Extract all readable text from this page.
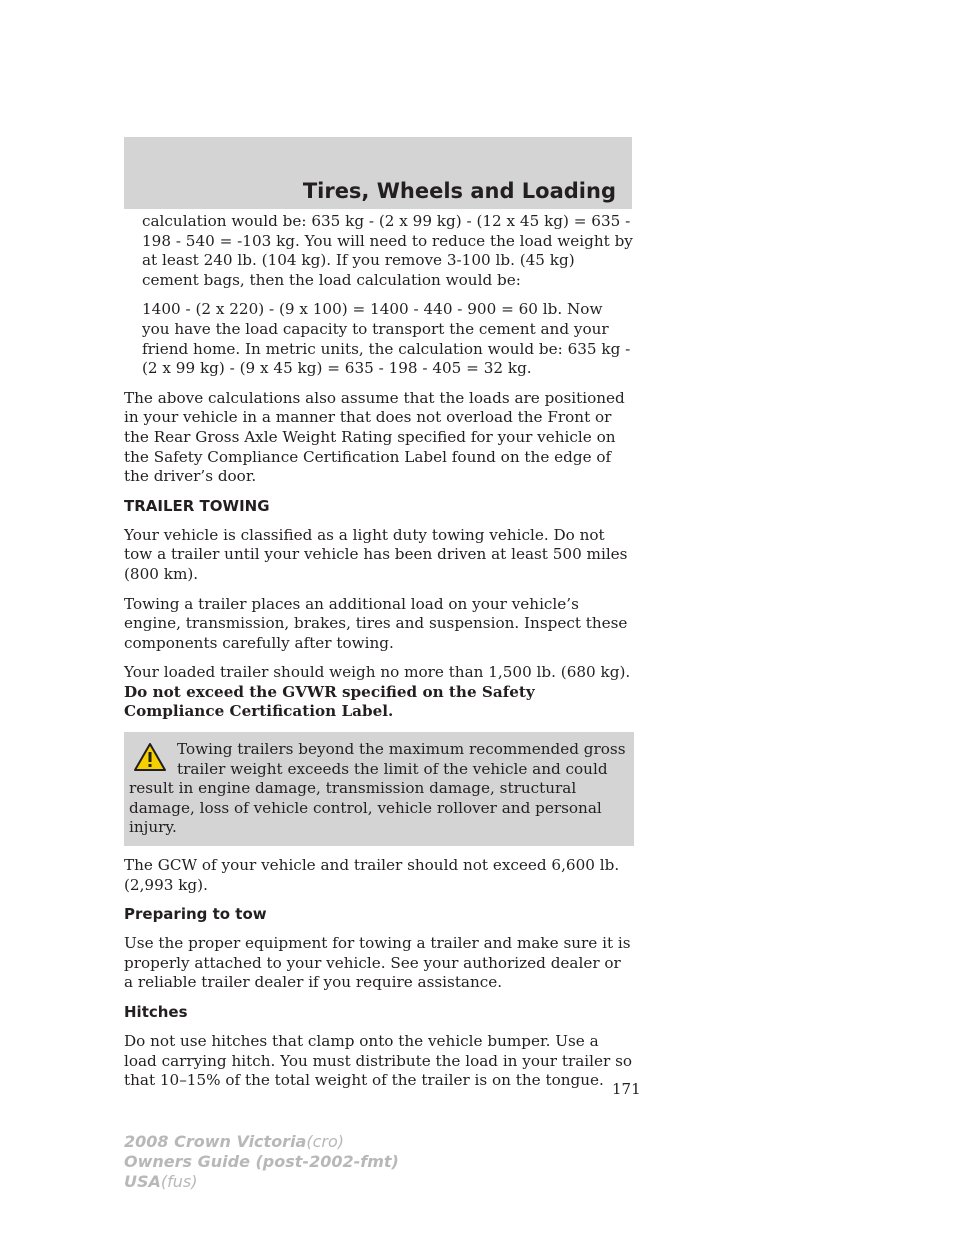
Tires, Wheels and Loading

calculation would be: 635 kg - (2 x 99 kg) - (12 x 45 kg) = 635 - 198 - 540 = -103 kg. You will need to reduce the load weight by at least 240 lb. (104 kg). If you remove 3-100 lb. (45 kg) cement bags, then the load calculation would be:

1400 - (2 x 220) - (9 x 100) = 1400 - 440 - 900 = 60 lb. Now you have the load capacity to transport the cement and your friend home. In metric units, the calculation would be: 635 kg - (2 x 99 kg) - (9 x 45 kg) = 635 - 198 - 405 = 32 kg.

The above calculations also assume that the loads are positioned in your vehicle in a manner that does not overload the Front or the Rear Gross Axle Weight Rating specified for your vehicle on the Safety Compliance Certification Label found on the edge of the driver’s door.

TRAILER TOWING

Your vehicle is classified as a light duty towing vehicle. Do not tow a trailer until your vehicle has been driven at least 500 miles (800 km).

Towing a trailer places an additional load on your vehicle’s engine, transmission, brakes, tires and suspension. Inspect these components carefully after towing.

Your loaded trailer should weigh no more than 1,500 lb. (680 kg). Do not exceed the GVWR specified on the Safety Compliance Certification Label.

Towing trailers beyond the maximum recommended gross trailer weight exceeds the limit of the vehicle and could result in engine damage, transmission damage, structural damage, loss of vehicle control, vehicle rollover and personal injury.

The GCW of your vehicle and trailer should not exceed 6,600 lb. (2,993 kg).

Preparing to tow

Use the proper equipment for towing a trailer and make sure it is properly attached to your vehicle. See your authorized dealer or a reliable trailer dealer if you require assistance.

Hitches

Do not use hitches that clamp onto the vehicle bumper. Use a load carrying hitch. You must distribute the load in your trailer so that 10–15% of the total weight of the trailer is on the tongue. 171
2008 Crown Victoria(cro)
Owners Guide (post-2002-fmt)
USA(fus)
